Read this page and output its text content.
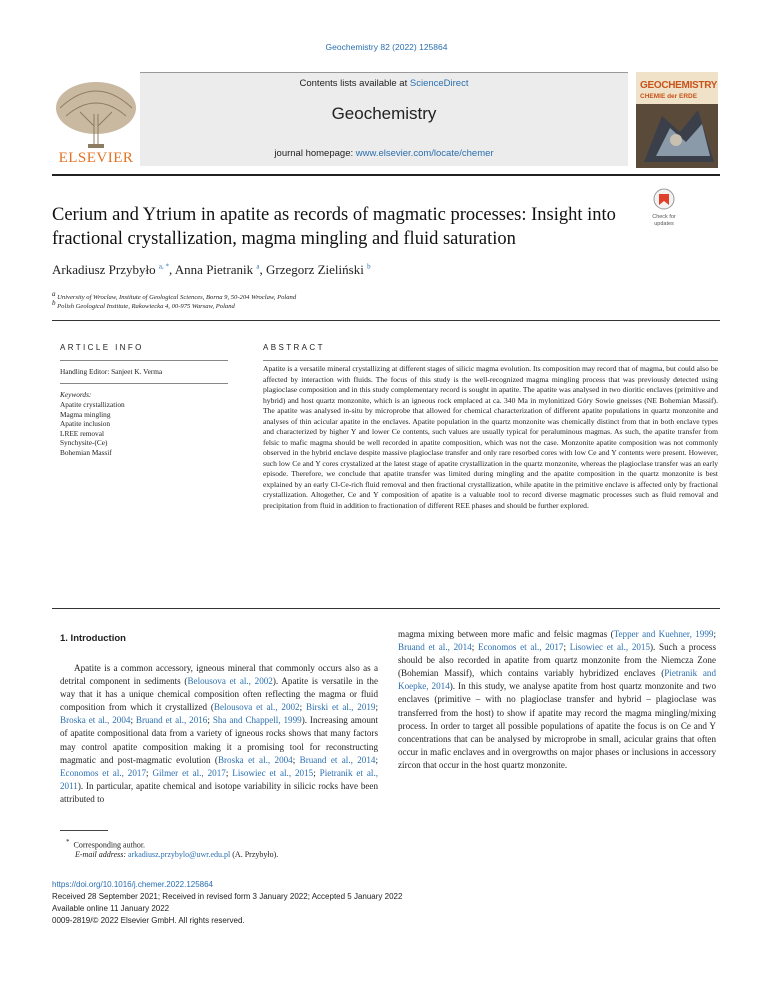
Geochemistry 82 (2022) 125864
ELSEVIER
Contents lists available at ScienceDirect
Geochemistry
journal homepage: www.elsevier.com/locate/chemer
GEOCHEMISTRY
CHEMIE der ERDE
Cerium and Ytrium in apatite as records of magmatic processes: Insight into fractional crystallization, magma mingling and fluid saturation
Check for
updates
Arkadiusz Przybyło $^{a, *}$, Anna Pietranik $^a$, Grzegorz Zieliński $^b$
a University of Wroclaw, Institute of Geological Sciences, Borna 9, 50-204 Wroclaw, Poland
b Polish Geological Institute, Rakowiecka 4, 00-975 Warsaw, Poland
ARTICLE INFO
Handling Editor: Sanjeet K. Verma
Keywords:
Apatite crystallization
Magma mingling
Apatite inclusion
LREE removal
Synchysite-(Ce)
Bohemian Massif
ABSTRACT
Apatite is a versatile mineral crystallizing at different stages of silicic magma evolution. Its composition may record that of magma, but could also be affected by interaction with fluids. The focus of this study is the well-recognized magma mingling process that was previously detected using plagioclase composition and in this study complementary record is sought in apatite. The apatite was analysed in two dioritic enclaves (primitive and hybrid) and host quartz monzonite, which is an igneous rock emplaced at ca. 340 Ma in mylonitized Góry Sowie gneisses (NE Bohemian Massif). The apatite was analysed in-situ by microprobe that allowed for chemical characterization of different apatite populations in quartz monzonite and analyses of thin acicular apatite in the enclaves. Apatite population in the quartz monzonite was chemically distinct from that in both enclave types and characterized by higher Y and lower Ce contents, such values are usually typical for peraluminous magmas. As such, the apatite transfer from felsic to mafic magma should be well recorded in apatite composition, which was not the case. Monzonite apatite composition was not commonly observed in the hybrid enclave despite massive plagioclase transfer and only rare resorbed cores with low Ce and Y contents were present. However, such low Ce and Y cores crystalized at the latest stage of apatite crystallization in the quartz monzonite, whereas the plagioclase transfer was an early episode. Therefore, we conclude that apatite transfer was limited during mingling and the apatite composition in the quartz monzonite is best explained by an early Cl-Ce-rich fluid removal and then fractional crystallization, while apatite in the primitive enclave is affected only by fractional crystallization. Altogether, Ce and Y composition of apatite is a valuable tool to record diverse magmatic processes such as fluid removal and precipitation from fluid in addition to fractionation of different REE phases and should be further explored.
1. Introduction
Apatite is a common accessory, igneous mineral that commonly occurs also as a detrital component in sediments (Belousova et al., 2002). Apatite is versatile in the way that it has a unique chemical composition often reflecting the magma or fluid composition from which it crystallized (Belousova et al., 2002; Birski et al., 2019; Broska et al., 2004; Bruand et al., 2016; Sha and Chappell, 1999). Increasing amount of apatite compositional data from a variety of igneous rocks shows that many factors may control apatite composition making it a promising tool for reconstructing magmatic and post-magmatic evolution (Broska et al., 2004; Bruand et al., 2014; Economos et al., 2017; Gilmer et al., 2017; Lisowiec et al., 2015; Pietranik et al., 2011). In particular, apatite chemical and isotope variability in silicic rocks have been attributed to
magma mixing between more mafic and felsic magmas (Tepper and Kuehner, 1999; Bruand et al., 2014; Economos et al., 2017; Lisowiec et al., 2015). Such a process should be also recorded in apatite from quartz monzonite from the Niemcza Zone (Bohemian Massif), which contains variably hybridized enclaves (Pietranik and Koepke, 2014). In this study, we analyse apatite from host quartz monzonite and two enclaves (primitive – with no plagioclase transfer and hybrid – plagioclase was transferred from the host) to show if apatite may record the magma mingling/mixing process. In order to target all possible populations of apatite the focus is on Ce and Y concentrations that can be analysed by microprobe in small, acicular grains that often occur in mafic enclaves and in overgrowths on major phases or inclusions in accessory zircon that occur in the host quartz monzonite.
* Corresponding author.
E-mail address: arkadiusz.przybylo@uwr.edu.pl (A. Przybyło).
https://doi.org/10.1016/j.chemer.2022.125864
Received 28 September 2021; Received in revised form 3 January 2022; Accepted 5 January 2022
Available online 11 January 2022
0009-2819/© 2022 Elsevier GmbH. All rights reserved.
